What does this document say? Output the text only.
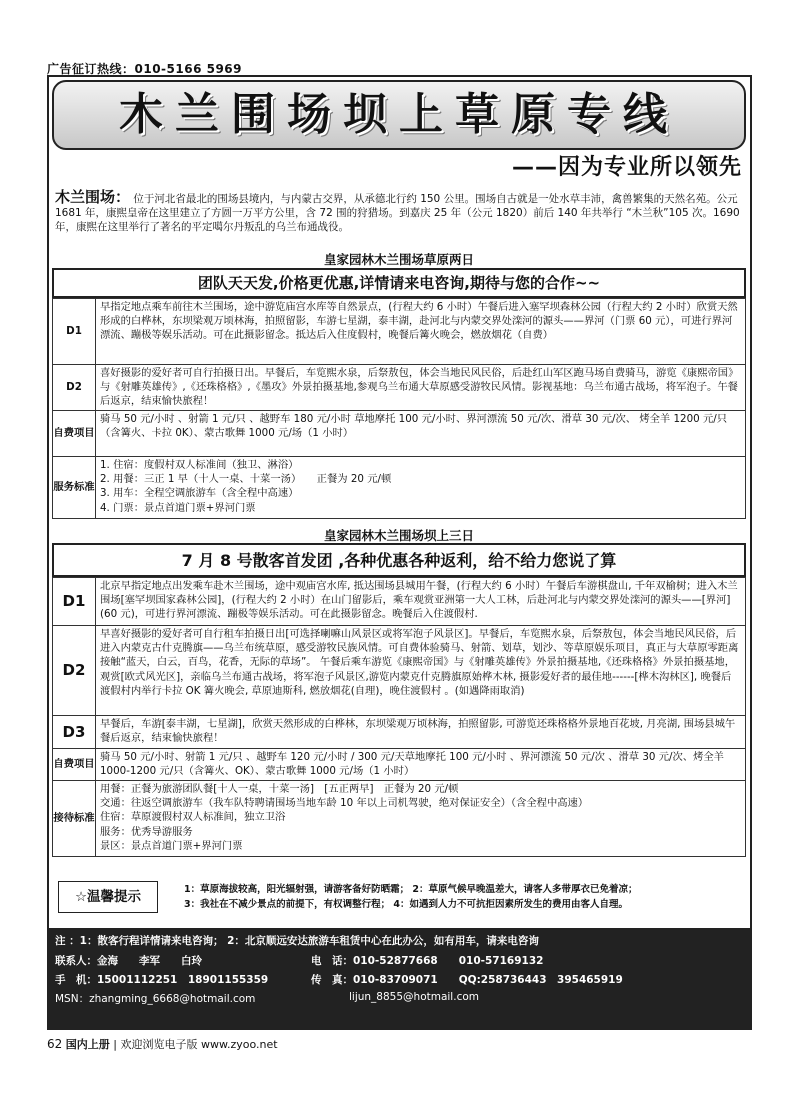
广告征订热线：010-5166 5969
木兰围场坝上草原专线
——因为专业所以领先
木兰围场： 位于河北省最北的围场县境内，与内蒙古交界，从承德北行约 150 公里。围场自古就是一处水草丰沛，禽兽繁集的天然名苑。公元 1681 年，康熙皇帝在这里建立了方圆一万平方公里，含 72 围的狩猎场。到嘉庆 25 年（公元 1820）前后 140 年共举行 “木兰秋”105 次。1690 年，康熙在这里举行了著名的平定噶尔丹叛乱的乌兰布通战役。
皇家园林木兰围场草原两日
团队天天发,价格更优惠,详情请来电咨询,期待与您的合作~~
D1	早指定地点乘车前往木兰围场，途中游览庙宫水库等自然景点，(行程大约 6 小时）午餐后进入塞罕坝森林公园（行程大约 2 小时）欣赏天然形成的白桦林，东坝梁观万顷林海，拍照留影，车游七星湖，泰丰湖，赴河北与内蒙交界处滦河的源头——界河（门票 60 元），可进行界河漂流、蹦极等娱乐活动。可在此摄影留念。抵达后入住度假村，晚餐后篝火晚会，燃放烟花（自费）
D2	喜好摄影的爱好者可自行拍摄日出。早餐后，车览熙水泉，后祭敖包，体会当地民风民俗，后赴红山军区跑马场自费骑马，游览《康熙帝国》与《射雕英雄传》,《还珠格格》,《墨攻》外景拍摄基地,参观乌兰布通大草原感受游牧民风情。影视基地：乌兰布通古战场，将军泡子。午餐后返京，结束愉快旅程！
自费项目	骑马 50 元/小时 、射箭 1 元/只 、越野车 180 元/小时 草地摩托 100 元/小时、界河漂流 50 元/次、滑草 30 元/次、 烤全羊 1200 元/只（含篝火、卡拉 0K）、蒙古歌舞 1000 元/场（1 小时）
服务标准	1. 住宿：度假村双人标准间（独卫、淋浴）
2. 用餐：三正 1 早（十人一桌、十菜一汤）　　正餐为 20 元/顿
3. 用车：全程空调旅游车（含全程中高速）
4. 门票：景点首道门票+界河门票
皇家园林木兰围场坝上三日
7 月 8 号散客首发团 ,各种优惠各种返利，给不给力您说了算
D1	北京早指定地点出发乘车赴木兰围场，途中观庙宫水库, 抵达围场县城用午餐，(行程大约 6 小时）午餐后车游棋盘山, 千年双榆树；进入木兰围场[塞罕坝国家森林公园]，(行程大约 2 小时）在山门留影后，乘车观赏亚洲第一大人工林，后赴河北与内蒙交界处滦河的源头——[界河] (60 元)，可进行界河漂流、蹦极等娱乐活动。可在此摄影留念。晚餐后入住渡假村.
D2	早喜好摄影的爱好者可自行租车拍摄日出[可选择喇嘛山风景区或将军泡子风景区]。早餐后，车览熙水泉，后祭敖包，体会当地民风民俗，后进入内蒙克古什克腾旗——乌兰布统草原，感受游牧民族风情。可自费体验骑马、射箭、划草，划沙、等草原娱乐项目，真正与大草原零距离接触“蓝天，白云，百鸟，花香，无际的草场”。 午餐后乘车游览《康熙帝国》与《射雕英雄传》外景拍摄基地,《还珠格格》外景拍摄基地，观赏[欧式风光区]，亲临乌兰布通古战场，将军泡子风景区,游览内蒙克什克腾旗原始桦木林, 摄影爱好者的最佳地------[桦木沟林区], 晚餐后渡假村内举行卡拉 OK 篝火晚会, 草原迪斯科, 燃放烟花(自理)，晚住渡假村 。(如遇降雨取消)
D3	早餐后，车游[泰丰湖，七星湖]，欣赏天然形成的白桦林，东坝梁观万顷林海，拍照留影, 可游览还珠格格外景地百花坡, 月亮湖, 围场县城午餐后返京，结束愉快旅程！
自费项目	骑马 50 元/小时、射箭 1 元/只 、越野车 120 元/小时 / 300 元/天草地摩托 100 元/小时 、界河漂流 50 元/次 、滑草 30 元/次、烤全羊 1000-1200 元/只（含篝火、OK）、蒙古歌舞 1000 元/场（1 小时）
接待标准	用餐：正餐为旅游团队餐[十人一桌，十菜一汤]　[五正两早]　正餐为 20 元/顿
交通：往返空调旅游车（我车队特聘请围场当地车龄 10 年以上司机驾驶，绝对保证安全）（含全程中高速）
住宿：草原渡假村双人标准间，独立卫浴
服务：优秀导游服务
景区：景点首道门票+界河门票
☆温馨提示	1：草原海拔较高，阳光辐射强，请游客备好防晒霜； 2：草原气候早晚温差大，请客人多带厚衣已免着凉；
3：我社在不减少景点的前提下，有权调整行程； 4：如遇到人力不可抗拒因素所发生的费用由客人自理。
注 ：1：散客行程详情请来电咨询； 2：北京顺远安达旅游车租赁中心在此办公，如有用车，请来电咨询
联系人：金海　　李军　　白玲	电　话：010-52877668　　010-57169132
手　机：15001112251　18901155359	传　真：010-83709071　　QQ:258736443　395465919
MSN：zhangming_6668@hotmail.com	lijun_8855@hotmail.com
62 国内上册 | 欢迎浏览电子版 www.zyoo.net
